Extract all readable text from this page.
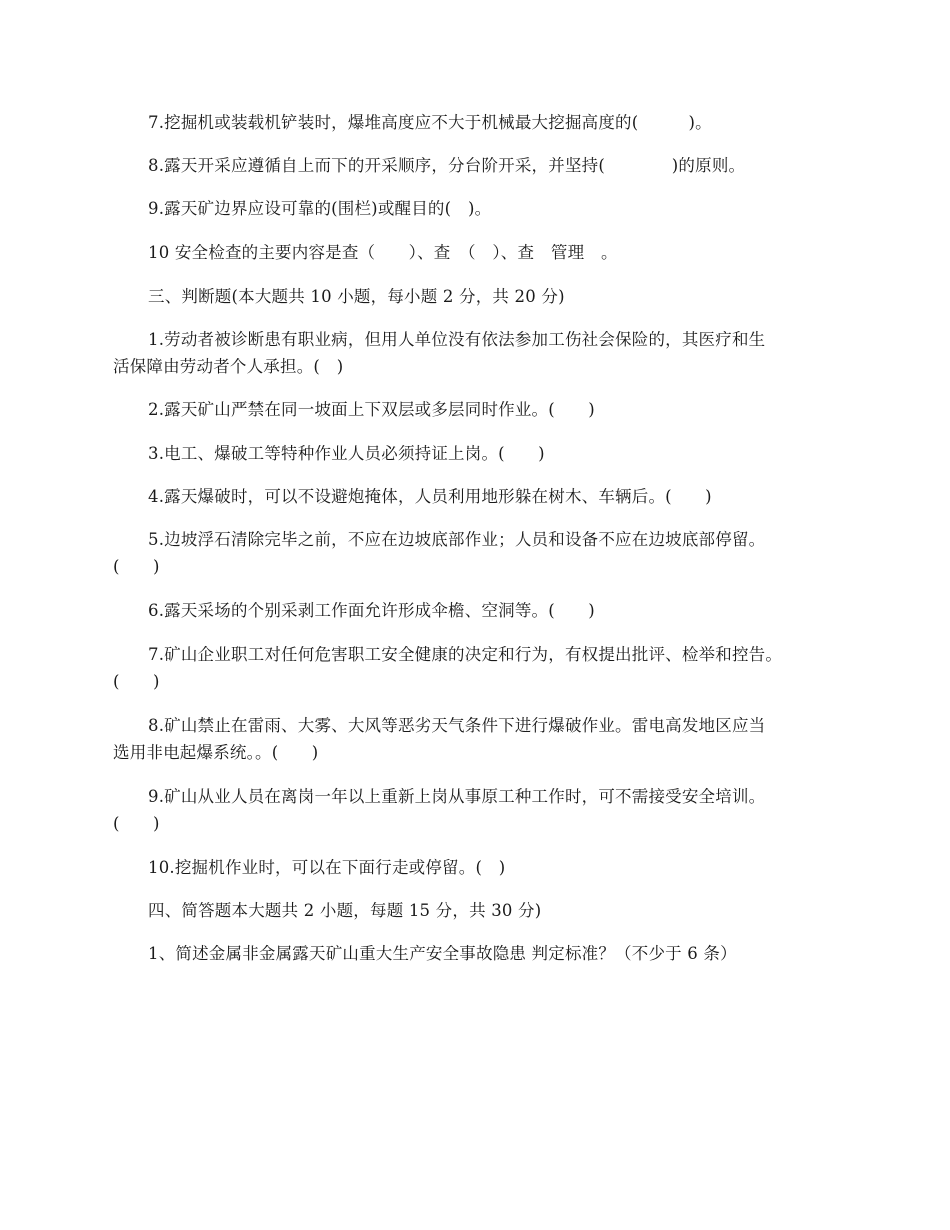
7.挖掘机或装载机铲装时，爆堆高度应不大于机械最大挖掘高度的(　　　)。
8.露天开采应遵循自上而下的开采顺序，分台阶开采，并坚持(　　　　)的原则。
9.露天矿边界应设可靠的(围栏)或醒目的(　)。
10 安全检查的主要内容是查（　　）、查　（　）、查　管理　。
三、判断题(本大题共 10 小题，每小题 2 分，共 20 分)
1.劳动者被诊断患有职业病，但用人单位没有依法参加工伤社会保险的，其医疗和生
活保障由劳动者个人承担。(　)
2.露天矿山严禁在同一坡面上下双层或多层同时作业。(　　)
3.电工、爆破工等特种作业人员必须持证上岗。(　　)
4.露天爆破时，可以不设避炮掩体，人员利用地形躲在树木、车辆后。(　　)
5.边坡浮石清除完毕之前，不应在边坡底部作业；人员和设备不应在边坡底部停留。
(　　)
6.露天采场的个别采剥工作面允许形成伞檐、空洞等。(　　)
7.矿山企业职工对任何危害职工安全健康的决定和行为，有权提出批评、检举和控告。
(　　)
8.矿山禁止在雷雨、大雾、大风等恶劣天气条件下进行爆破作业。雷电高发地区应当
选用非电起爆系统。。(　　)
9.矿山从业人员在离岗一年以上重新上岗从事原工种工作时，可不需接受安全培训。
(　　)
10.挖掘机作业时，可以在下面行走或停留。(　)
四、简答题本大题共 2 小题，每题 15 分，共 30 分)
1、简述金属非金属露天矿山重大生产安全事故隐患 判定标准？（不少于 6 条）
